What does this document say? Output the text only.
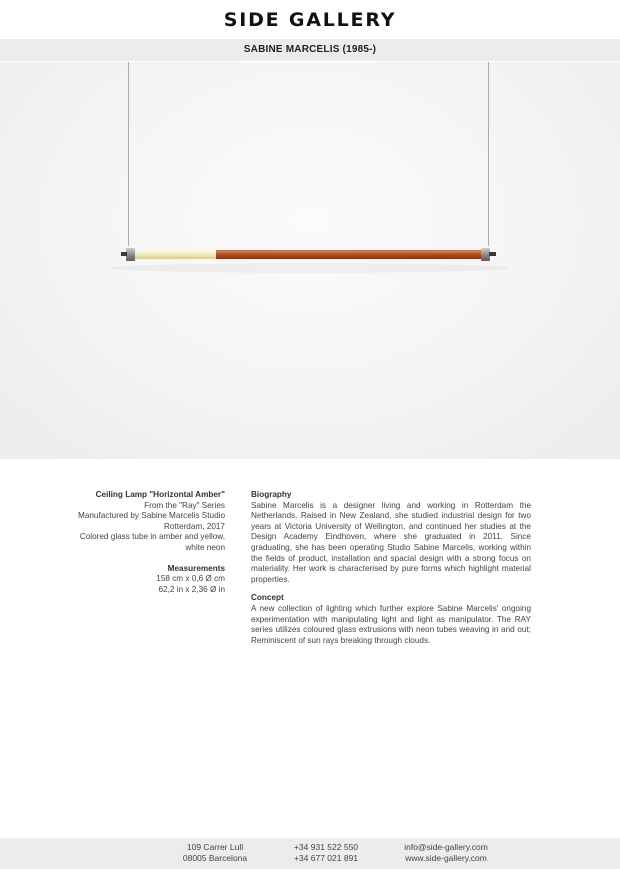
SIDE GALLERY
SABINE MARCELIS (1985-)
Ceiling Lamp "Horizontal Amber"
From the "Ray" Series
Manufactured by Sabine Marcelis Studio
Rotterdam, 2017
Colored glass tube in amber and yellow,
white neon
Measurements
158 cm x 0,6 Ø cm
62,2 in x 2,36 Ø in
Biography
Sabine Marcelis is a designer living and working in Rotterdam the Netherlands. Raised in New Zealand, she studied industrial design for two years at Victoria University of Wellington, and continued her studies at the Design Academy Eindhoven, where she graduated in 2011. Since graduating, she has been operating Studio Sabine Marcelis, working within the fields of product, installation and spacial design with a strong focus on materiality. Her work is characterised by pure forms which highlight material properties.
Concept
A new collection of lighting which further explore Sabine Marcelis' ongoing experimentation with manipulating light and light as manipulator. The RAY series utilizes coloured glass extrusions with neon tubes weaving in and out; Reminiscent of sun rays breaking through clouds.
109 Carrer Lull
08005 Barcelona
+34 931 522 550
+34 677 021 891
info@side-gallery.com
www.side-gallery.com
